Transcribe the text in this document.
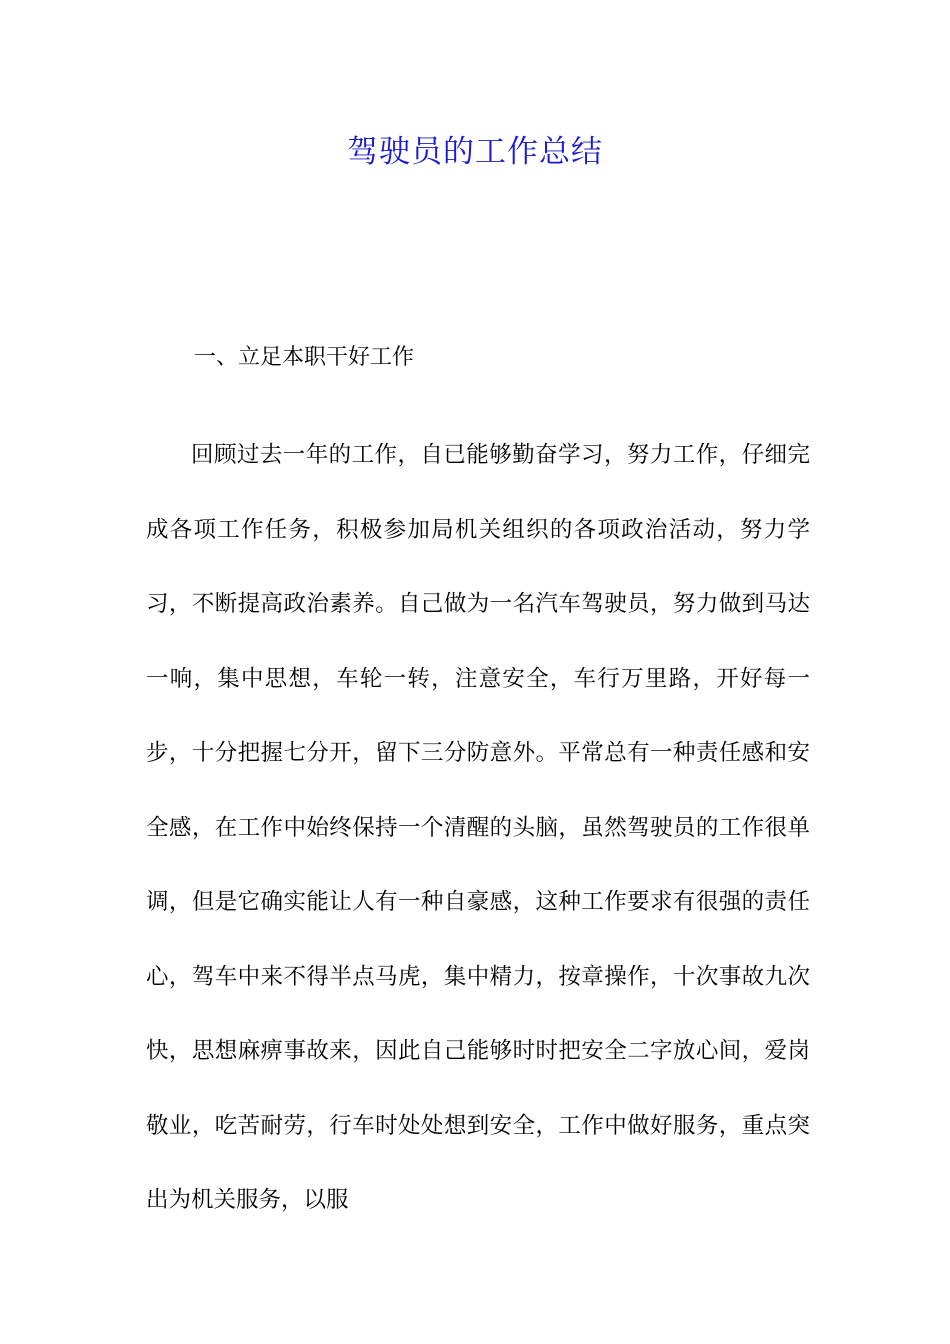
驾驶员的工作总结
一、立足本职干好工作

回顾过去一年的工作，自已能够勤奋学习，努力工作，仔细完成各项工作任务，积极参加局机关组织的各项政治活动，努力学习，不断提高政治素养。自己做为一名汽车驾驶员，努力做到马达一响，集中思想，车轮一转，注意安全，车行万里路，开好每一步，十分把握七分开，留下三分防意外。平常总有一种责任感和安全感，在工作中始终保持一个清醒的头脑，虽然驾驶员的工作很单调，但是它确实能让人有一种自豪感，这种工作要求有很强的责任心，驾车中来不得半点马虎，集中精力，按章操作，十次事故九次快，思想麻痹事故来，因此自己能够时时把安全二字放心间，爱岗敬业，吃苦耐劳，行车时处处想到安全，工作中做好服务，重点突出为机关服务，以服
